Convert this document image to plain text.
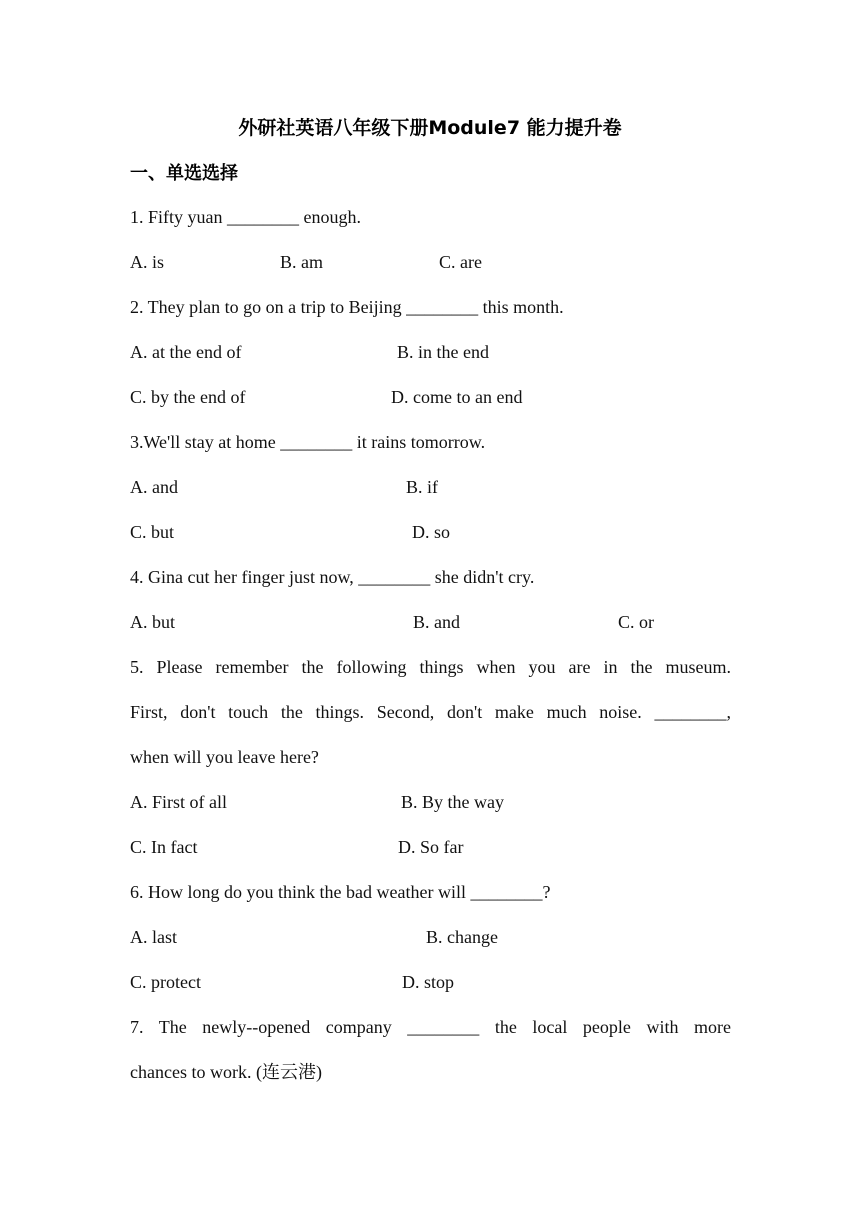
外研社英语八年级下册Module7 能力提升卷
一、单选选择
1. Fifty yuan ________ enough.
A. is	B. am	C. are
2. They plan to go on a trip to Beijing ________ this month.
A. at the end of	B. in the end
C. by the end of	D. come to an end
3.We'll stay at home ________ it rains tomorrow.
A. and	B. if
C. but	D. so
4. Gina cut her finger just now, ________ she didn't cry.
A. but	B. and	C. or
5. Please remember the following things when you are in the museum.
First, don't touch the things. Second, don't make much noise. ________,
when will you leave here?
A. First of all	B. By the way
C. In fact	D. So far
6. How long do you think the bad weather will ________?
A. last	B. change
C. protect	D. stop
7. The newly--opened company ________ the local people with more
chances to work. (连云港)
